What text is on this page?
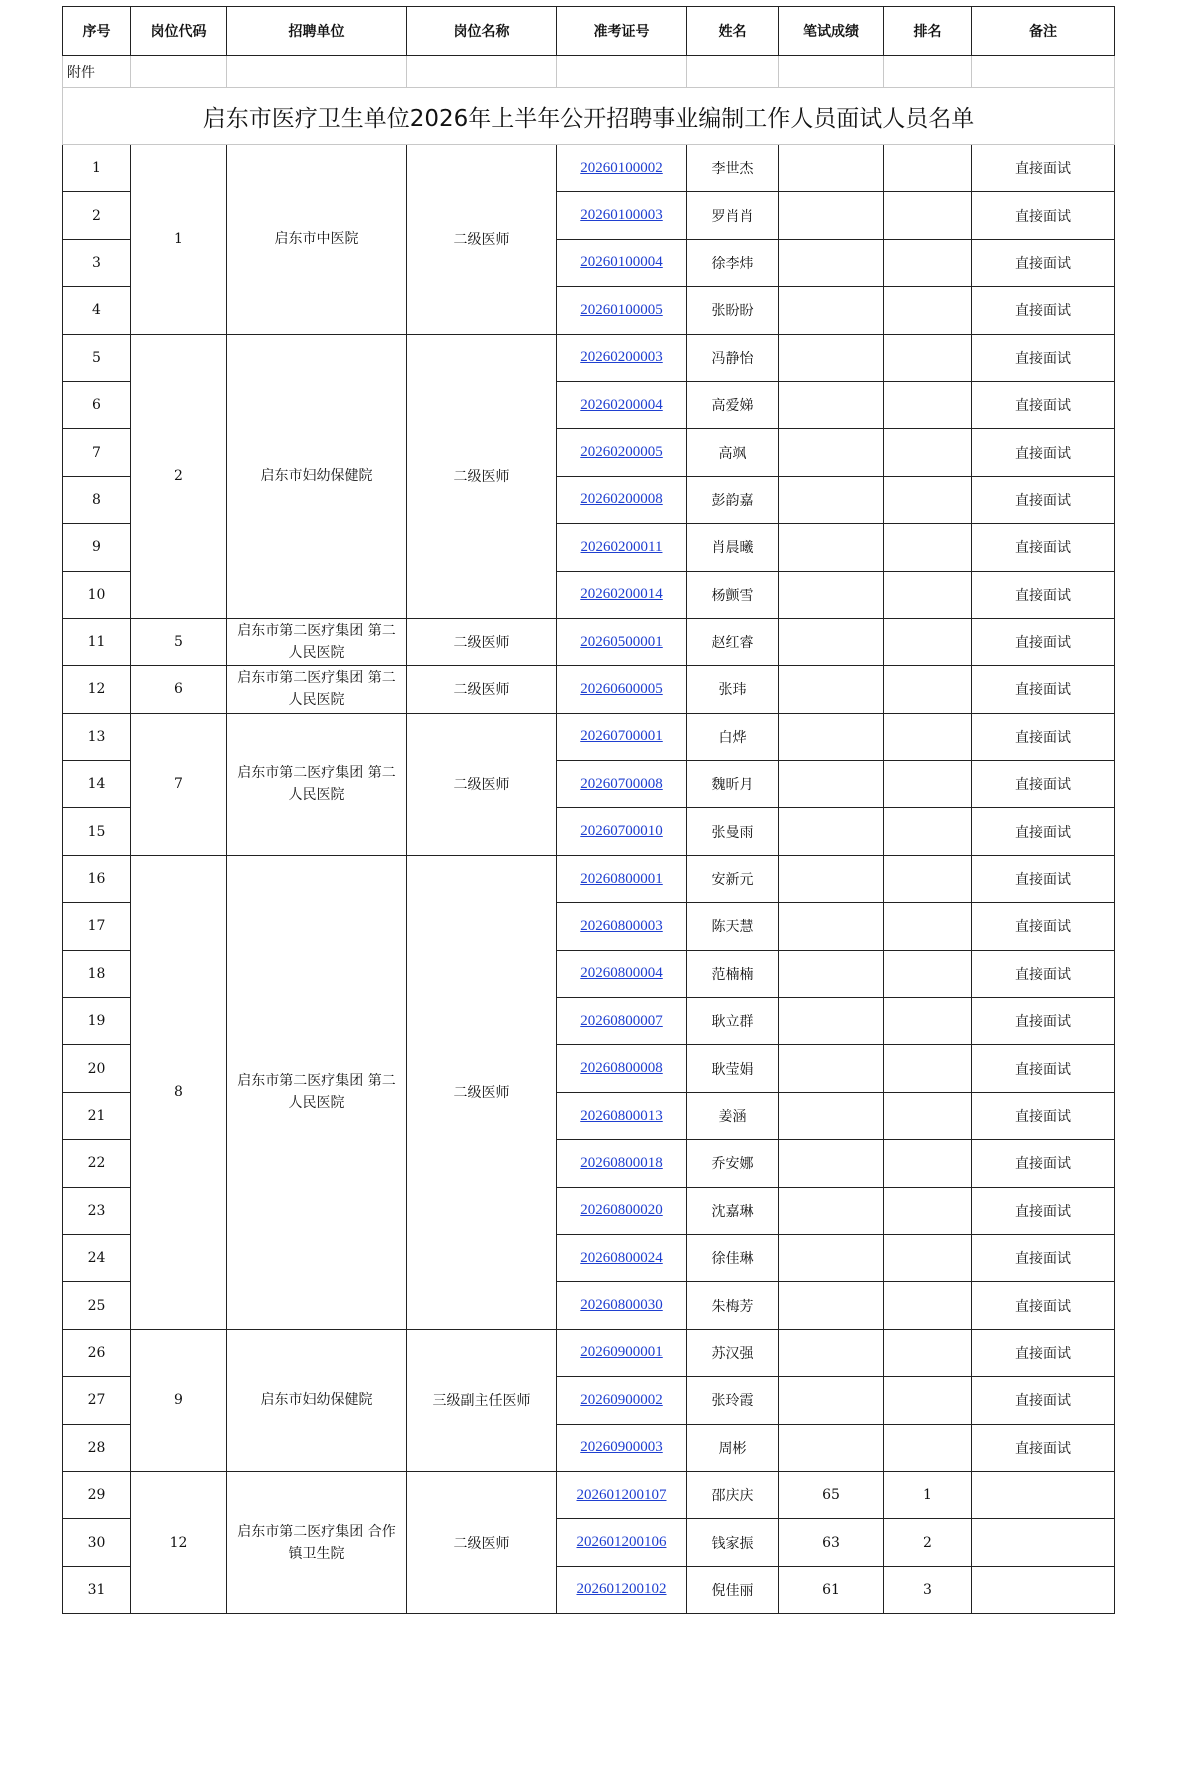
附件								
启东市医疗卫生单位2026年上半年公开招聘事业编制工作人员面试人员名单								
序号	岗位代码	招聘单位	岗位名称	准考证号	姓名	笔试成绩	排名	备注
1	1	启东市中医院	二级医师	20260100002	李世杰			直接面试
2				20260100003	罗肖肖			直接面试
3				20260100004	徐李炜			直接面试
4				20260100005	张盼盼			直接面试
5	2	启东市妇幼保健院	二级医师	20260200003	冯静怡			直接面试
6				20260200004	高爱娣			直接面试
7				20260200005	高飒			直接面试
8				20260200008	彭韵嘉			直接面试
9				20260200011	肖晨曦			直接面试
10				20260200014	杨颤雪			直接面试
11	5	启东市第二医疗集团 第二人民医院	二级医师	20260500001	赵红睿			直接面试
12	6	启东市第二医疗集团 第二人民医院	二级医师	20260600005	张玮			直接面试
13	7	启东市第二医疗集团 第二人民医院	二级医师	20260700001	白烨			直接面试
14				20260700008	魏昕月			直接面试
15				20260700010	张曼雨			直接面试
16	8	启东市第二医疗集团 第二人民医院	二级医师	20260800001	安新元			直接面试
17				20260800003	陈天慧			直接面试
18				20260800004	范楠楠			直接面试
19				20260800007	耿立群			直接面试
20				20260800008	耿莹娟			直接面试
21				20260800013	姜涵			直接面试
22				20260800018	乔安娜			直接面试
23				20260800020	沈嘉琳			直接面试
24				20260800024	徐佳琳			直接面试
25				20260800030	朱梅芳			直接面试
26	9	启东市妇幼保健院	三级副主任医师	20260900001	苏汉强			直接面试
27				20260900002	张玲霞			直接面试
28				20260900003	周彬			直接面试
29	12	启东市第二医疗集团 合作镇卫生院	二级医师	202601200107	邵庆庆	65	1	
30				202601200106	钱家振	63	2	
31				202601200102	倪佳丽	61	3	
